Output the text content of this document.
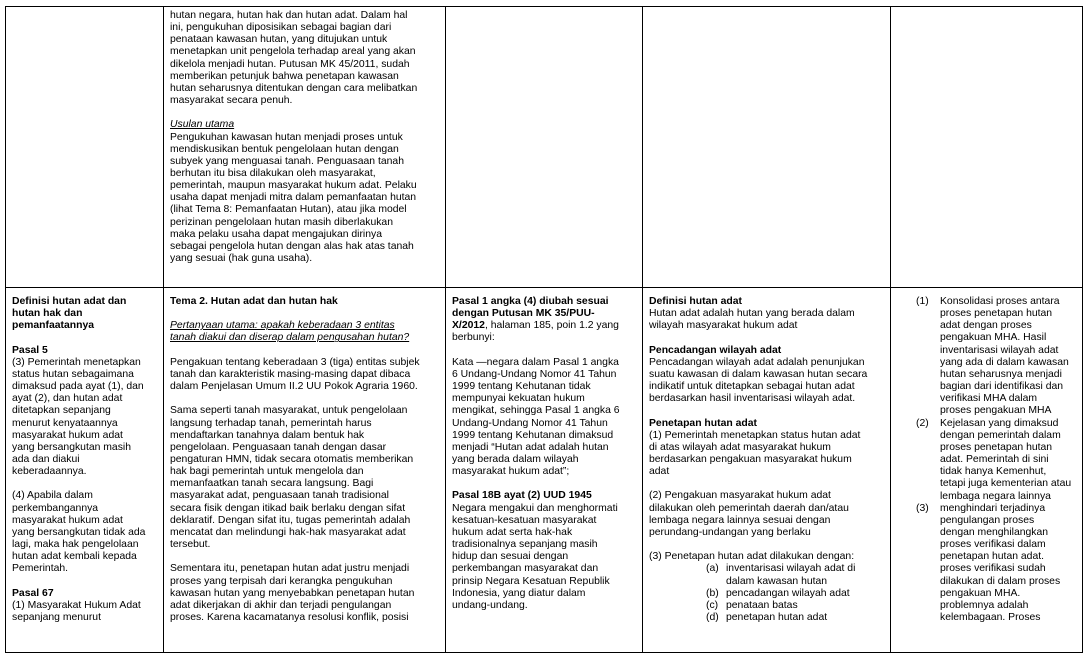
hutan negara, hutan hak dan hutan adat. Dalam hal
ini, pengukuhan diposisikan sebagai bagian dari
penataan kawasan hutan, yang ditujukan untuk
menetapkan unit pengelola terhadap areal yang akan
dikelola menjadi hutan. Putusan MK 45/2011, sudah
memberikan petunjuk bahwa penetapan kawasan
hutan seharusnya ditentukan dengan cara melibatkan
masyarakat secara penuh.

Usulan utama

Pengukuhan kawasan hutan menjadi proses untuk
mendiskusikan bentuk pengelolaan hutan dengan
subyek yang menguasai tanah. Penguasaan tanah
berhutan itu bisa dilakukan oleh masyarakat,
pemerintah, maupun masyarakat hukum adat. Pelaku
usaha dapat menjadi mitra dalam pemanfaatan hutan
(lihat Tema 8: Pemanfaatan Hutan), atau jika model
perizinan pengelolaan hutan masih diberlakukan
maka pelaku usaha dapat mengajukan dirinya
sebagai pengelola hutan dengan alas hak atas tanah
yang sesuai (hak guna usaha).

Definisi hutan adat dan
hutan hak dan
pemanfaatannya

Pasal 5

(3) Pemerintah menetapkan
status hutan sebagaimana
dimaksud pada ayat (1), dan
ayat (2), dan hutan adat
ditetapkan sepanjang
menurut kenyataannya
masyarakat hukum adat
yang bersangkutan masih
ada dan diakui
keberadaannya.

(4) Apabila dalam
perkembangannya
masyarakat hukum adat
yang bersangkutan tidak ada
lagi, maka hak pengelolaan
hutan adat kembali kepada
Pemerintah.

Pasal 67

(1) Masyarakat Hukum Adat
sepanjang menurut

Tema 2. Hutan adat dan hutan hak

Pertanyaan utama: apakah keberadaan 3 entitas
tanah diakui dan diserap dalam pengusahan hutan?

Pengakuan tentang keberadaan 3 (tiga) entitas subjek
tanah dan karakteristik masing-masing dapat dibaca
dalam Penjelasan Umum II.2 UU Pokok Agraria 1960.

Sama seperti tanah masyarakat, untuk pengelolaan
langsung terhadap tanah, pemerintah harus
mendaftarkan tanahnya dalam bentuk hak
pengelolaan. Penguasaan tanah dengan dasar
pengaturan HMN, tidak secara otomatis memberikan
hak bagi pemerintah untuk mengelola dan
memanfaatkan tanah secara langsung. Bagi
masyarakat adat, penguasaan tanah tradisional
secara fisik dengan itikad baik berlaku dengan sifat
deklaratif. Dengan sifat itu, tugas pemerintah adalah
mencatat dan melindungi hak-hak masyarakat adat
tersebut.

Sementara itu, penetapan hutan adat justru menjadi
proses yang terpisah dari kerangka pengukuhan
kawasan hutan yang menyebabkan penetapan hutan
adat dikerjakan di akhir dan terjadi pengulangan
proses. Karena kacamatanya resolusi konflik, posisi

Pasal 1 angka (4) diubah sesuai
dengan Putusan MK 35/PUU-
X/2012, halaman 185, poin 1.2 yang
berbunyi:

Kata —negara dalam Pasal 1 angka
6 Undang-Undang Nomor 41 Tahun
1999 tentang Kehutanan tidak
mempunyai kekuatan hukum
mengikat, sehingga Pasal 1 angka 6
Undang-Undang Nomor 41 Tahun
1999 tentang Kehutanan dimaksud
menjadi “Hutan adat adalah hutan
yang berada dalam wilayah
masyarakat hukum adat”;

Pasal 18B ayat (2) UUD 1945

Negara mengakui dan menghormati
kesatuan-kesatuan masyarakat
hukum adat serta hak-hak
tradisionalnya sepanjang masih
hidup dan sesuai dengan
perkembangan masyarakat dan
prinsip Negara Kesatuan Republik
Indonesia, yang diatur dalam
undang-undang.

Definisi hutan adat

Hutan adat adalah hutan yang berada dalam
wilayah masyarakat hukum adat

Pencadangan wilayah adat

Pencadangan wilayah adat adalah penunjukan
suatu kawasan di dalam kawasan hutan secara
indikatif untuk ditetapkan sebagai hutan adat
berdasarkan hasil inventarisasi wilayah adat.

Penetapan hutan adat

(1) Pemerintah menetapkan status hutan adat
di atas wilayah adat masyarakat hukum
berdasarkan pengakuan masyarakat hukum
adat

(2) Pengakuan masyarakat hukum adat
dilakukan oleh pemerintah daerah dan/atau
lembaga negara lainnya sesuai dengan
perundang-undangan yang berlaku

(3) Penetapan hutan adat dilakukan dengan:

(a) inventarisasi wilayah adat di
dalam kawasan hutan
(b) pencadangan wilayah adat
(c) penataan batas
(d) penetapan hutan adat
(1) Konsolidasi proses antara
proses penetapan hutan
adat dengan proses
pengakuan MHA. Hasil
inventarisasi wilayah adat
yang ada di dalam kawasan
hutan seharusnya menjadi
bagian dari identifikasi dan
verifikasi MHA dalam
proses pengakuan MHA
(2) Kejelasan yang dimaksud
dengan pemerintah dalam
proses penetapan hutan
adat. Pemerintah di sini
tidak hanya Kemenhut,
tetapi juga kementerian atau
lembaga negara lainnya
(3) menghindari terjadinya
pengulangan proses
dengan menghilangkan
proses verifikasi dalam
penetapan hutan adat.
proses verifikasi sudah
dilakukan di dalam proses
pengakuan MHA.
problemnya adalah
kelembagaan. Proses
